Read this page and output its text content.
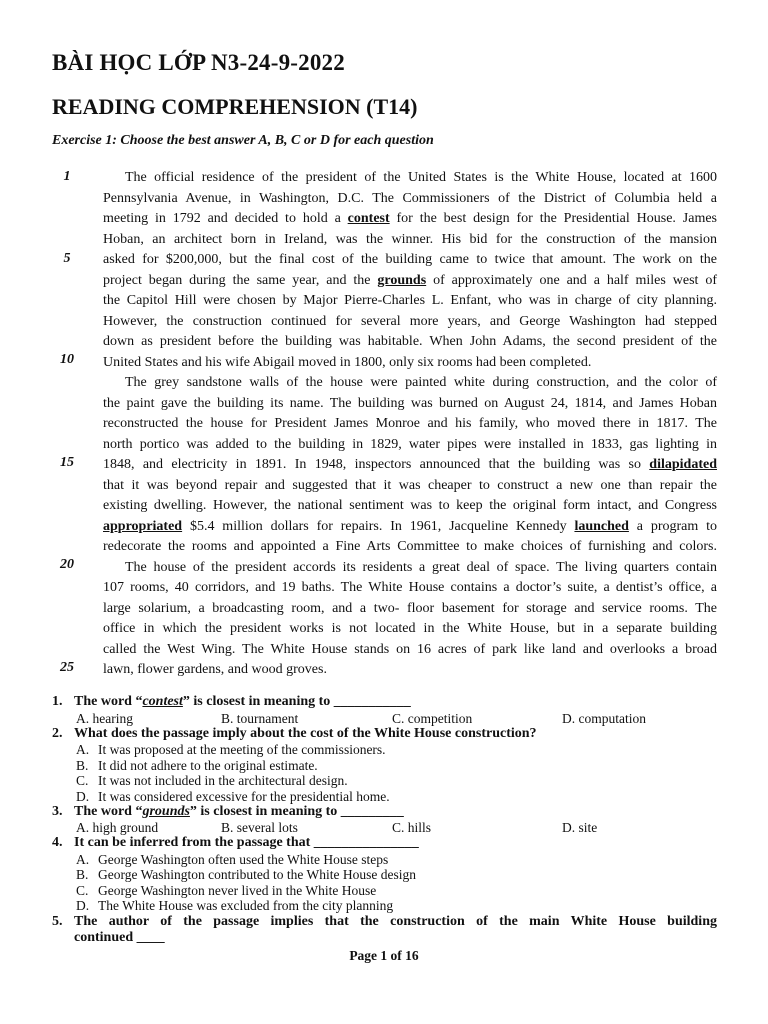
BÀI HỌC LỚP N3-24-9-2022
READING COMPREHENSION (T14)
Exercise 1: Choose the best answer A, B, C or D for each question
1
5
10
15
20
25
The official residence of the president of the United States is the White House, located at 1600
Pennsylvania Avenue, in Washington, D.C. The Commissioners of the District of Columbia held a
meeting in 1792 and decided to hold a contest for the best design for the Presidential House. James
Hoban, an architect born in Ireland, was the winner. His bid for the construction of the mansion
asked for $200,000, but the final cost of the building came to twice that amount. The work on the
project began during the same year, and the grounds of approximately one and a half miles west of
the Capitol Hill were chosen by Major Pierre-Charles L. Enfant, who was in charge of city planning.
However, the construction continued for several more years, and George Washington had stepped
down as president before the building was habitable. When John Adams, the second president of the
United States and his wife Abigail moved in 1800, only six rooms had been completed.
The grey sandstone walls of the house were painted white during construction, and the color of
the paint gave the building its name. The building was burned on August 24, 1814, and James Hoban
reconstructed the house for President James Monroe and his family, who moved there in 1817. The
north portico was added to the building in 1829, water pipes were installed in 1833, gas lighting in
1848, and electricity in 1891. In 1948, inspectors announced that the building was so dilapidated
that it was beyond repair and suggested that it was cheaper to construct a new one than repair the
existing dwelling. However, the national sentiment was to keep the original form intact, and Congress
appropriated $5.4 million dollars for repairs. In 1961, Jacqueline Kennedy launched a program to
redecorate the rooms and appointed a Fine Arts Committee to make choices of furnishing and colors.
The house of the president accords its residents a great deal of space. The living quarters contain
107 rooms, 40 corridors, and 19 baths. The White House contains a doctor’s suite, a dentist’s office, a
large solarium, a broadcasting room, and a two- floor basement for storage and service rooms. The
office in which the president works is not located in the White House, but in a separate building
called the West Wing. The White House stands on 16 acres of park like land and overlooks a broad
lawn, flower gardens, and wood groves.
1. The word “contest” is closest in meaning to ___________
A. hearing	B. tournament	C. competition	D. computation
2. What does the passage imply about the cost of the White House construction?
A. It was proposed at the meeting of the commissioners.
B. It did not adhere to the original estimate.
C. It was not included in the architectural design.
D. It was considered excessive for the presidential home.
3. The word “grounds” is closest in meaning to _________
A. high ground	B. several lots	C. hills	D. site
4. It can be inferred from the passage that _______________
A. George Washington often used the White House steps
B. George Washington contributed to the White House design
C. George Washington never lived in the White House
D. The White House was excluded from the city planning
5. The author of the passage implies that the construction of the main White House building
continued ____
Page 1 of 16
